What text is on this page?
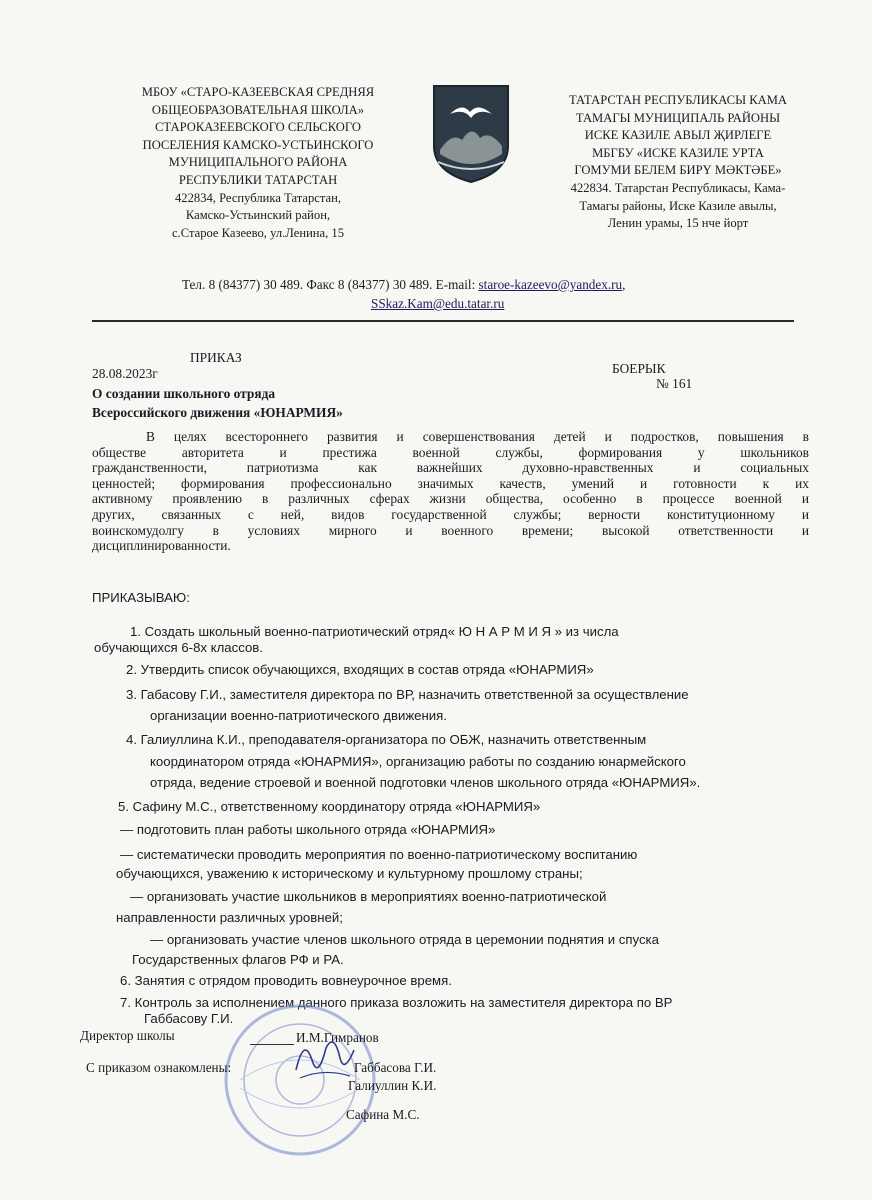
МБОУ «СТАРО-КАЗЕЕВСКАЯ СРЕДНЯЯ
ОБЩЕОБРАЗОВАТЕЛЬНАЯ ШКОЛА»
СТАРОКАЗЕЕВСКОГО СЕЛЬСКОГО
ПОСЕЛЕНИЯ КАМСКО-УСТЬИНСКОГО
МУНИЦИПАЛЬНОГО РАЙОНА
РЕСПУБЛИКИ ТАТАРСТАН
422834, Республика Татарстан,
Камско-Устьинский район,
с.Старое Казеево, ул.Ленина, 15
ТАТАРСТАН РЕСПУБЛИКАСЫ КАМА
ТАМАГЫ МУНИЦИПАЛЬ РАЙОНЫ
ИСКЕ КАЗИЛЕ АВЫЛ ҖИРЛЕГЕ
МБГБУ «ИСКЕ КАЗИЛЕ УРТА
ГОМУМИ БЕЛЕМ БИРҮ МӘКТӘБЕ»
422834. Татарстан Республикасы, Кама-
Тамагы районы, Иске Казиле авылы,
Ленин урамы, 15 нче йорт
Тел. 8 (84377) 30 489. Факс 8 (84377) 30 489. E-mail: staroe-kazeevo@yandex.ru,
SSkaz.Kam@edu.tatar.ru
ПРИКАЗ
БОЕРЫК
28.08.2023г
№ 161
О создании школьного отряда
Всероссийского движения «ЮНАРМИЯ»
В целях всестороннего развития и совершенствования детей и подростков, повышения в
обществе авторитета и престижа военной службы, формирования у школьников
гражданственности, патриотизма как важнейших духовно-нравственных и социальных
ценностей; формирования профессионально значимых качеств, умений и готовности к их
активному проявлению в различных сферах жизни общества, особенно в процессе военной и
других, связанных с ней, видов государственной службы; верности конституционному и
воинскомудолгу в условиях мирного и военного времени; высокой ответственности и
дисциплинированности.
ПРИКАЗЫВАЮ:
1. Создать школьный военно-патриотический отряд« Ю Н А Р М И Я » из числа
обучающихся 6-8х классов.
2. Утвердить список обучающихся, входящих в состав отряда «ЮНАРМИЯ»
3. Габасову Г.И., заместителя директора по ВР, назначить ответственной за осуществление
организации военно-патриотического движения.
4. Галиуллина К.И., преподавателя-организатора по ОБЖ, назначить ответственным
координатором отряда «ЮНАРМИЯ», организацию работы по созданию юнармейского
отряда, ведение строевой и военной подготовки членов школьного отряда «ЮНАРМИЯ».
5. Сафину М.С., ответственному координатору отряда «ЮНАРМИЯ»
— подготовить план работы школьного отряда «ЮНАРМИЯ»
— систематически проводить мероприятия по военно-патриотическому воспитанию
обучающихся, уважению к историческому и культурному прошлому страны;
— организовать участие школьников в мероприятиях военно-патриотической
направленности различных уровней;
— организовать участие членов школьного отряда в церемонии поднятия и спуска
Государственных флагов РФ и РА.
6. Занятия с отрядом проводить вовнеурочное время.
7. Контроль за исполнением данного приказа возложить на заместителя директора по ВР
Габбасову Г.И.
Директор школы	И.М.Гимранов
С приказом ознакомлены:	Габбасова Г.И.
Галиуллин К.И.
Сафина М.С.
